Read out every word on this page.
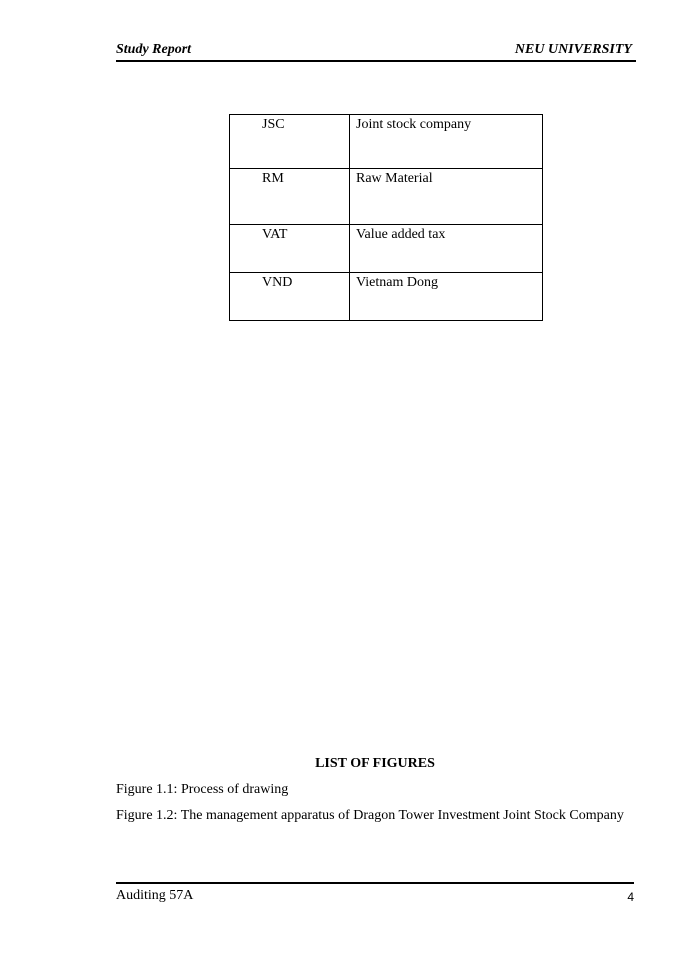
Study Report	NEU UNIVERSITY
JSC	Joint stock company
RM	Raw Material
VAT	Value added tax
VND	Vietnam Dong
LIST OF FIGURES
Figure 1.1: Process of drawing
Figure 1.2: The management apparatus of Dragon Tower Investment Joint Stock Company
Auditing 57A	4
